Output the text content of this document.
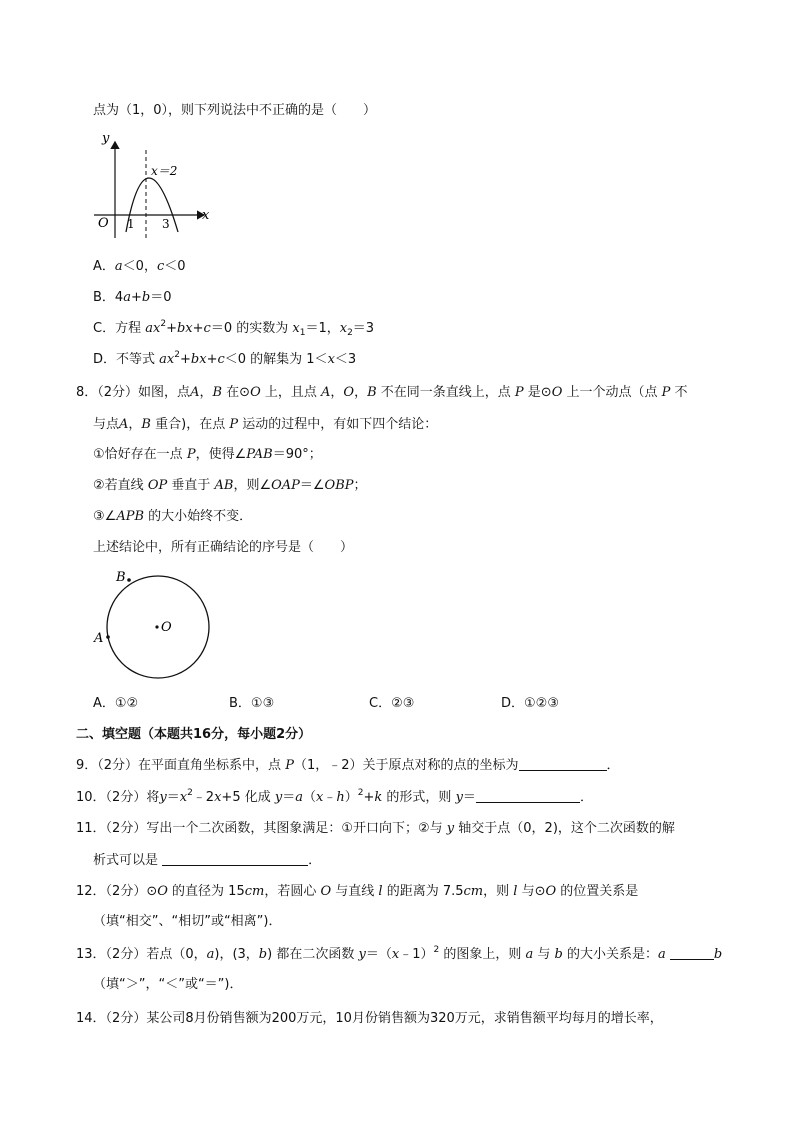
点为（1，0），则下列说法中不正确的是（　　）
y
x
O 1 3
x＝2
A．a＜0，c＜0
B．4a+b＝0
C．方程 $ax^2+bx+c=0$ 的实数为 $x_1=1$，$x_2=3$
D．不等式 $ax^2+bx+c<0$ 的解集为 1＜x＜3
8．（2分）如图，点A，B 在⊙O 上，且点 A，O，B 不在同一条直线上，点 P 是⊙O 上一个动点（点 P 不
与点A，B 重合)，在点 P 运动的过程中，有如下四个结论：
①恰好存在一点 P，使得∠PAB＝90°；
②若直线 OP 垂直于 AB，则∠OAP＝∠OBP；
③∠APB 的大小始终不变．
上述结论中，所有正确结论的序号是（　　）
B
A
O
A．①②	B．①③	C．②③	D．①②③
二、填空题（本题共16分，每小题2分）
9．（2分）在平面直角坐标系中，点 P（1，﹣2）关于原点对称的点的坐标为	．
10．（2分）将$y=x^2﹣2x+5$ 化成 y＝a（x﹣h）$^2$+k 的形式，则 y＝	．
11．（2分）写出一个二次函数，其图象满足：①开口向下；②与 y 轴交于点（0，2)，这个二次函数的解
析式可以是	．
12．（2分）⊙O 的直径为 15cm，若圆心 O 与直线 l 的距离为 7.5cm，则 l 与⊙O 的位置关系是
（填“相交”、“相切”或“相离”)．
13．（2分）若点（0，a)，(3，b) 都在二次函数 y＝（x﹣1）$^2$ 的图象上，则 a 与 b 的大小关系是：a	b
（填“＞”，“＜”或“＝”)．
14．（2分）某公司8月份销售额为200万元，10月份销售额为320万元，求销售额平均每月的增长率，
